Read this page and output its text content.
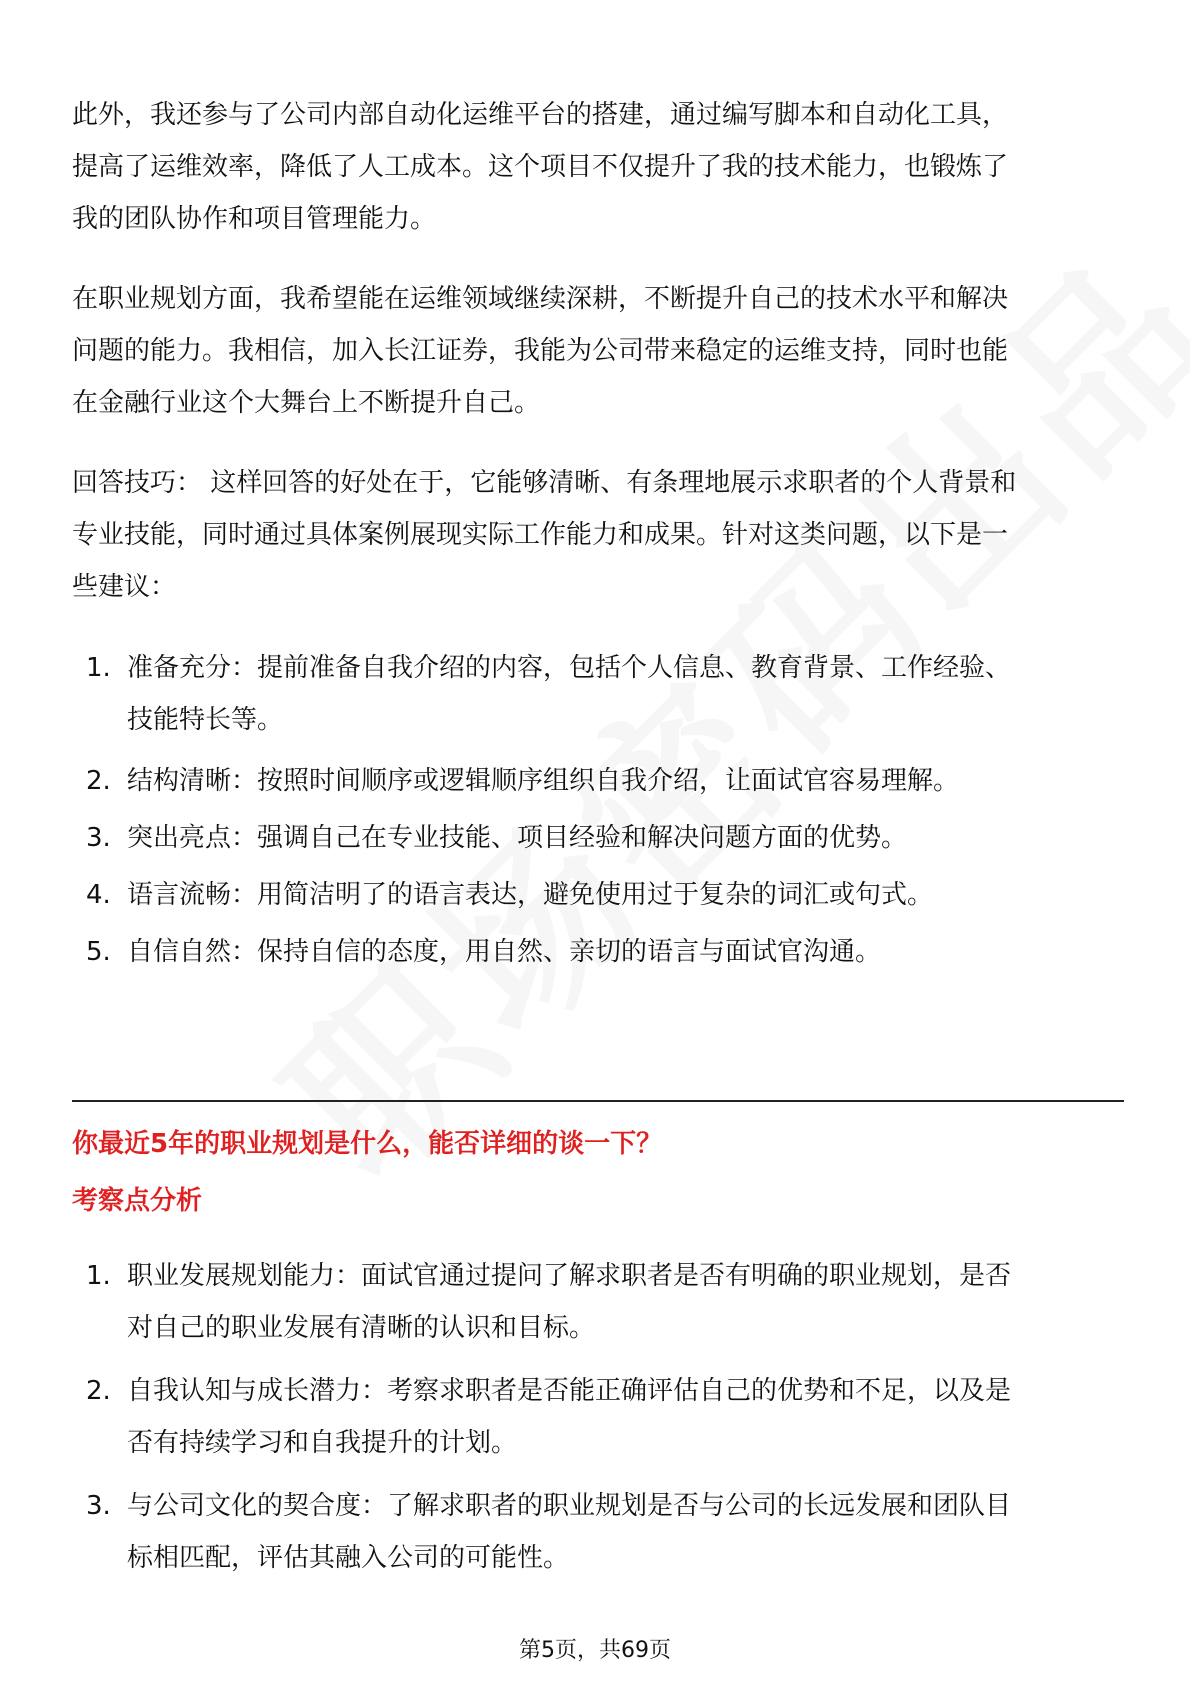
此外，我还参与了公司内部自动化运维平台的搭建，通过编写脚本和自动化工具，
提高了运维效率，降低了人工成本。这个项目不仅提升了我的技术能力，也锻炼了
我的团队协作和项目管理能力。
在职业规划方面，我希望能在运维领域继续深耕，不断提升自己的技术水平和解决
问题的能力。我相信，加入长江证券，我能为公司带来稳定的运维支持，同时也能
在金融行业这个大舞台上不断提升自己。
回答技巧： 这样回答的好处在于，它能够清晰、有条理地展示求职者的个人背景和
专业技能，同时通过具体案例展现实际工作能力和成果。针对这类问题，以下是一
些建议：
1. 准备充分：提前准备自我介绍的内容，包括个人信息、教育背景、工作经验、
技能特长等。
2. 结构清晰：按照时间顺序或逻辑顺序组织自我介绍，让面试官容易理解。
3. 突出亮点：强调自己在专业技能、项目经验和解决问题方面的优势。
4. 语言流畅：用简洁明了的语言表达，避免使用过于复杂的词汇或句式。
5. 自信自然：保持自信的态度，用自然、亲切的语言与面试官沟通。
你最近5年的职业规划是什么，能否详细的谈一下？
考察点分析
1. 职业发展规划能力：面试官通过提问了解求职者是否有明确的职业规划，是否
对自己的职业发展有清晰的认识和目标。
2. 自我认知与成长潜力：考察求职者是否能正确评估自己的优势和不足，以及是
否有持续学习和自我提升的计划。
3. 与公司文化的契合度：了解求职者的职业规划是否与公司的长远发展和团队目
标相匹配，评估其融入公司的可能性。
第5页，共69页
